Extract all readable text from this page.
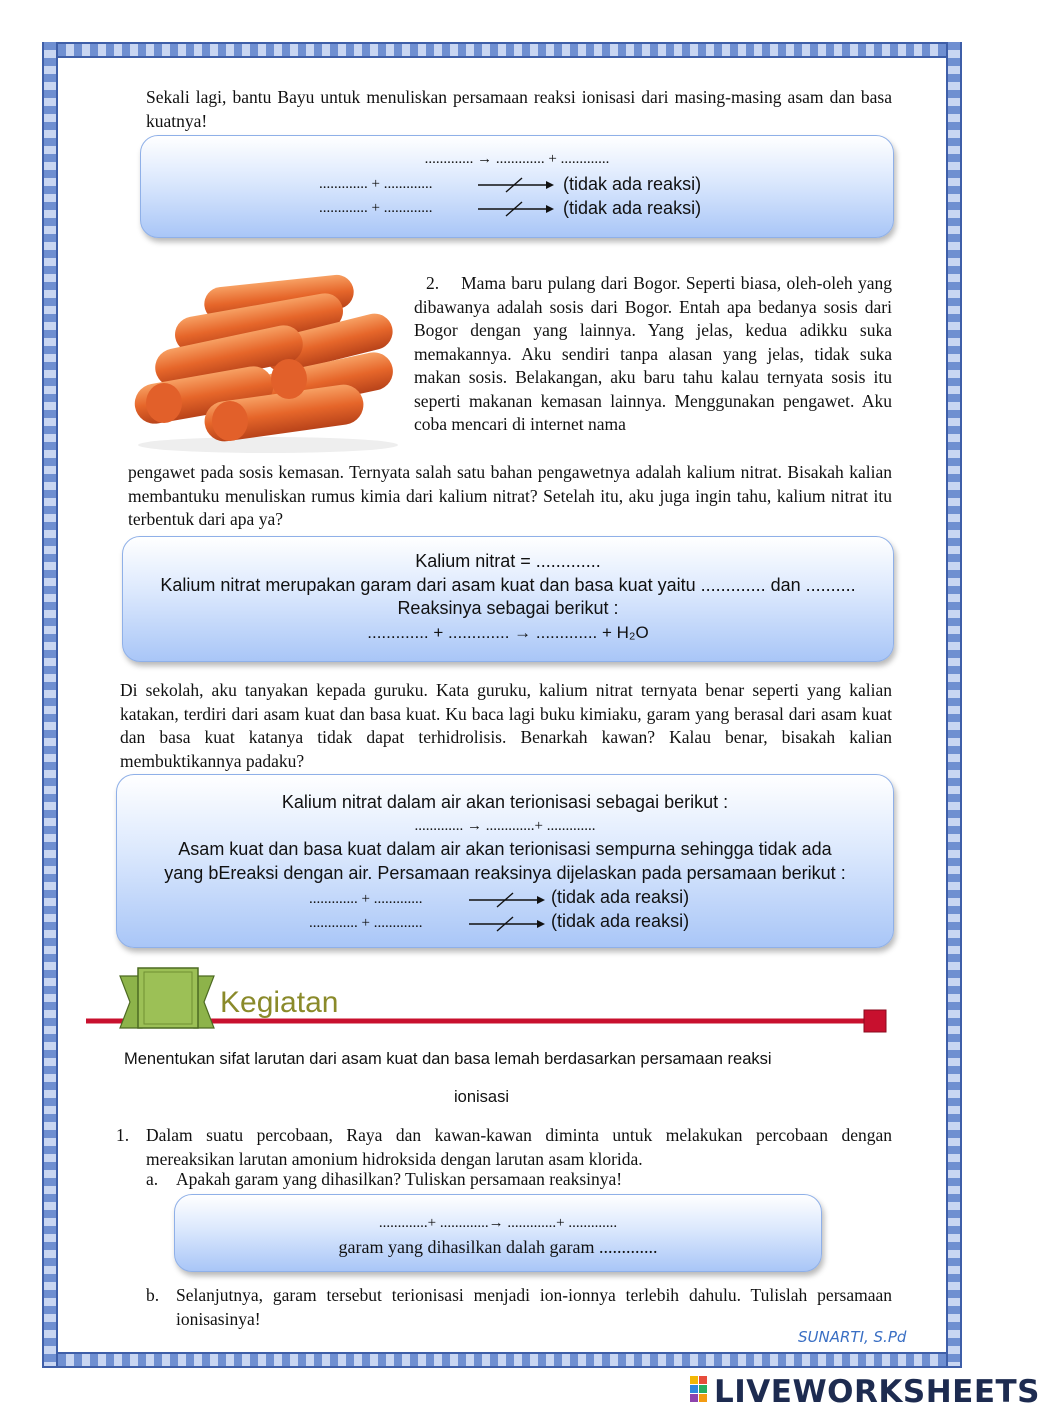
Sekali lagi, bantu Bayu untuk menuliskan persamaan reaksi ionisasi dari masing-masing asam dan basa kuatnya!
............. → ............. + .............
............. + .............	(tidak ada reaksi)
............. + .............	(tidak ada reaksi)
2. Mama baru pulang dari Bogor. Seperti biasa, oleh-oleh yang dibawanya adalah sosis dari Bogor. Entah apa bedanya sosis dari Bogor dengan yang lainnya. Yang jelas, kedua adikku suka memakannya. Aku sendiri tanpa alasan yang jelas, tidak suka makan sosis. Belakangan, aku baru tahu kalau ternyata sosis itu seperti makanan kemasan lainnya. Menggunakan pengawet. Aku coba mencari di internet nama
pengawet pada sosis kemasan. Ternyata salah satu bahan pengawetnya adalah kalium nitrat. Bisakah kalian membantuku menuliskan rumus kimia dari kalium nitrat? Setelah itu, aku juga ingin tahu, kalium nitrat itu terbentuk dari apa ya?
Kalium nitrat = .............
Kalium nitrat merupakan garam dari asam kuat dan basa kuat yaitu ............. dan ..........
Reaksinya sebagai berikut :
............. + ............. → ............. + H₂O
Di sekolah, aku tanyakan kepada guruku. Kata guruku, kalium nitrat ternyata benar seperti yang kalian katakan, terdiri dari asam kuat dan basa kuat. Ku baca lagi buku kimiaku, garam yang berasal dari asam kuat dan basa kuat katanya tidak dapat terhidrolisis. Benarkah kawan? Kalau benar, bisakah kalian membuktikannya padaku?
Kalium nitrat dalam air akan terionisasi sebagai berikut :
............. → .............+ .............
Asam kuat dan basa kuat dalam air akan terionisasi sempurna sehingga tidak ada
yang bEreaksi dengan air. Persamaan reaksinya dijelaskan pada persamaan berikut :
............. + .............	(tidak ada reaksi)
............. + .............	(tidak ada reaksi)
Kegiatan
Menentukan sifat larutan dari asam kuat dan basa lemah berdasarkan persamaan reaksi
ionisasi
1. Dalam suatu percobaan, Raya dan kawan-kawan diminta untuk melakukan percobaan dengan mereaksikan larutan amonium hidroksida dengan larutan asam klorida.
a. Apakah garam yang dihasilkan? Tuliskan persamaan reaksinya!
.............+ .............→ .............+ .............
garam yang dihasilkan dalah garam .............
b. Selanjutnya, garam tersebut terionisasi menjadi ion-ionnya terlebih dahulu. Tulislah persamaan ionisasinya!
SUNARTI, S.Pd
LIVEWORKSHEETS
